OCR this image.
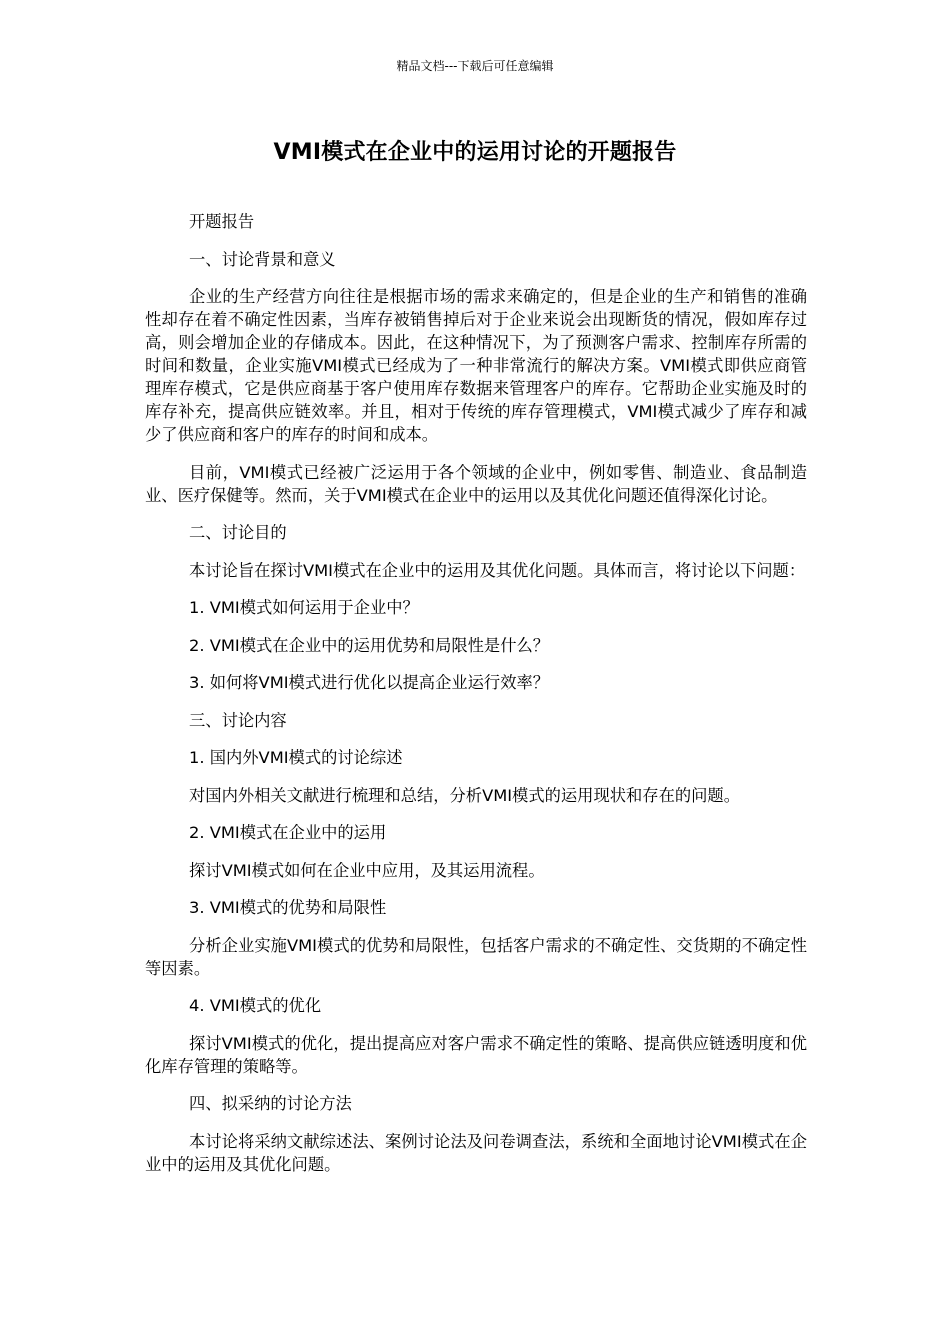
精品文档---下载后可任意编辑
VMI模式在企业中的运用讨论的开题报告

开题报告

一、讨论背景和意义

企业的生产经营方向往往是根据市场的需求来确定的，但是企业的生产和销售的准确性却存在着不确定性因素，当库存被销售掉后对于企业来说会出现断货的情况，假如库存过高，则会增加企业的存储成本。因此，在这种情况下，为了预测客户需求、控制库存所需的时间和数量，企业实施VMI模式已经成为了一种非常流行的解决方案。VMI模式即供应商管理库存模式，它是供应商基于客户使用库存数据来管理客户的库存。它帮助企业实施及时的库存补充，提高供应链效率。并且，相对于传统的库存管理模式，VMI模式减少了库存和减少了供应商和客户的库存的时间和成本。

目前，VMI模式已经被广泛运用于各个领域的企业中，例如零售、制造业、食品制造业、医疗保健等。然而，关于VMI模式在企业中的运用以及其优化问题还值得深化讨论。

二、讨论目的

本讨论旨在探讨VMI模式在企业中的运用及其优化问题。具体而言，将讨论以下问题：

1. VMI模式如何运用于企业中？

2. VMI模式在企业中的运用优势和局限性是什么？

3. 如何将VMI模式进行优化以提高企业运行效率？

三、讨论内容

1. 国内外VMI模式的讨论综述

对国内外相关文献进行梳理和总结，分析VMI模式的运用现状和存在的问题。

2. VMI模式在企业中的运用

探讨VMI模式如何在企业中应用，及其运用流程。

3. VMI模式的优势和局限性

分析企业实施VMI模式的优势和局限性，包括客户需求的不确定性、交货期的不确定性等因素。

4. VMI模式的优化

探讨VMI模式的优化，提出提高应对客户需求不确定性的策略、提高供应链透明度和优化库存管理的策略等。

四、拟采纳的讨论方法

本讨论将采纳文献综述法、案例讨论法及问卷调查法，系统和全面地讨论VMI模式在企业中的运用及其优化问题。
